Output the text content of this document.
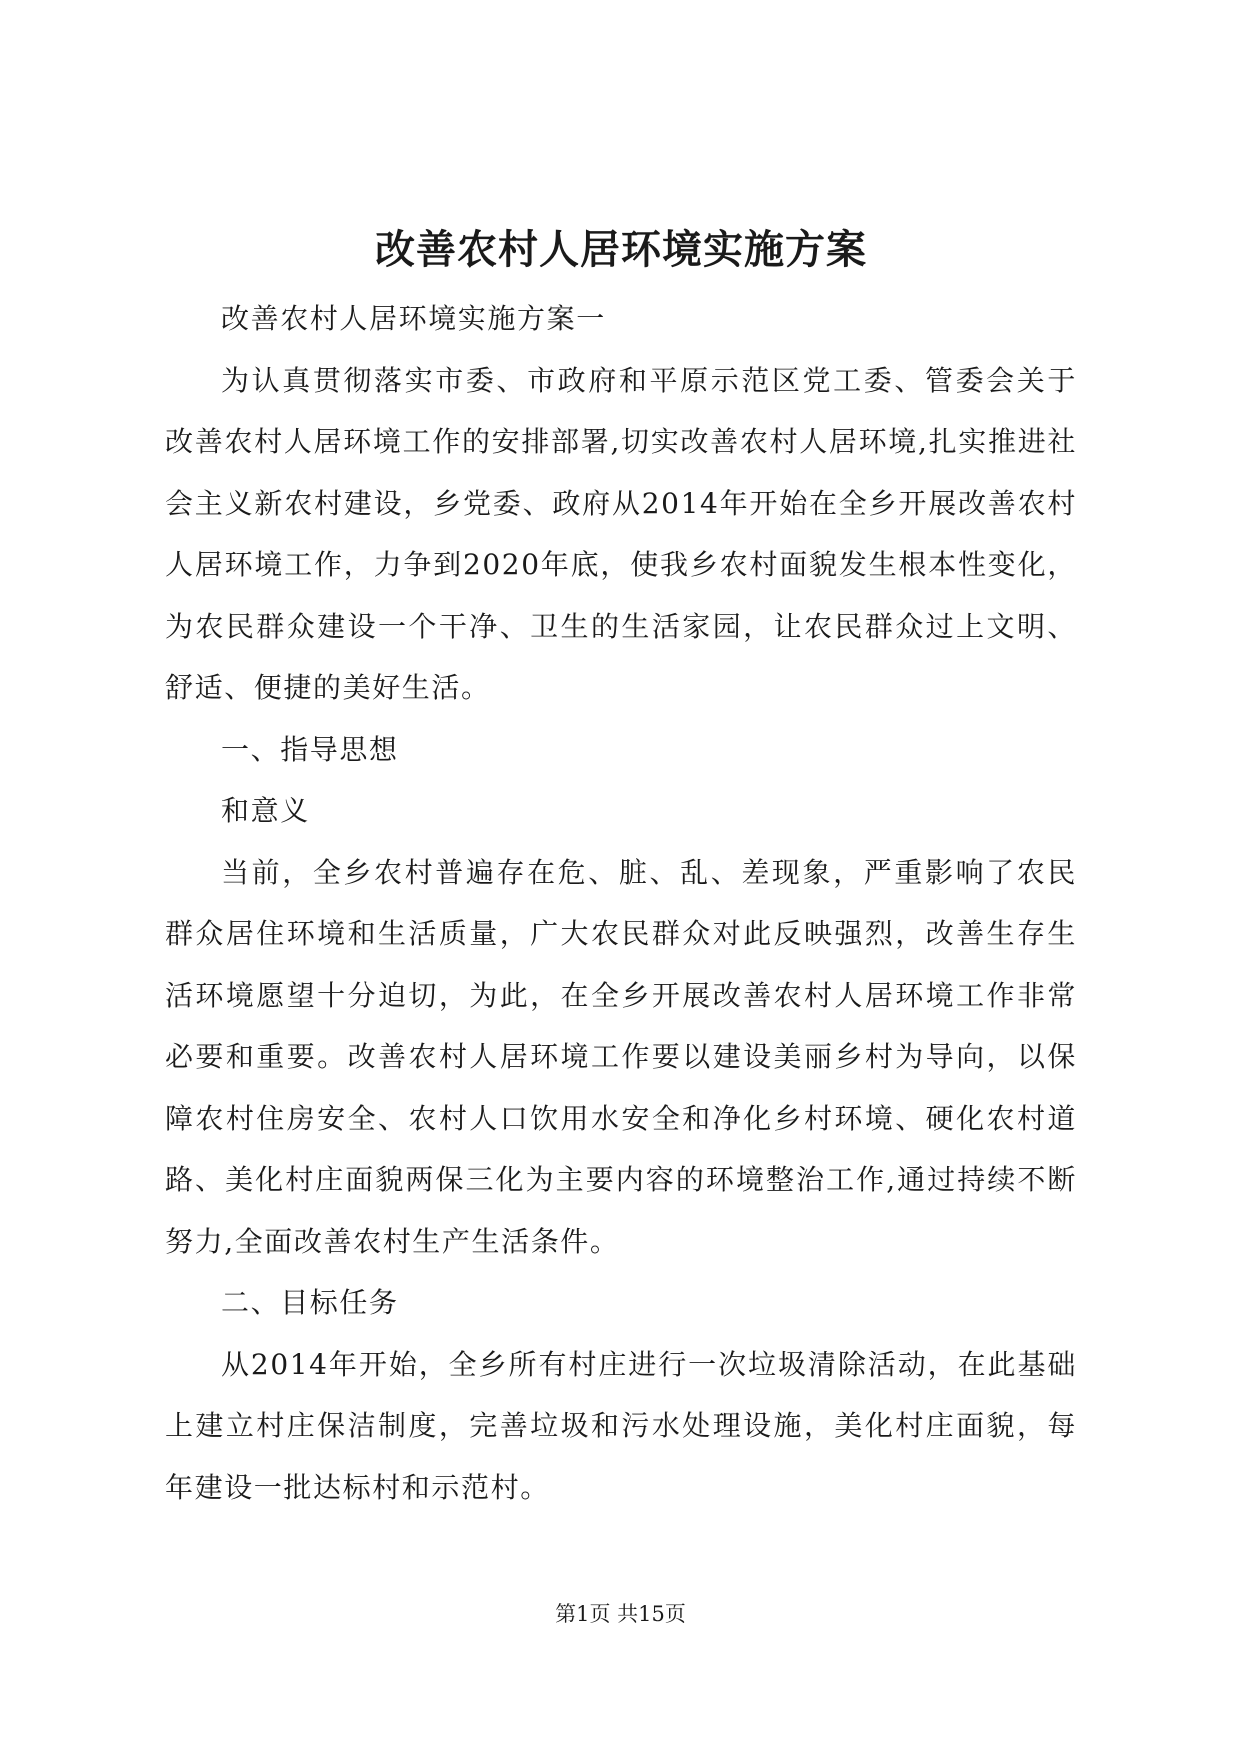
改善农村人居环境实施方案

改善农村人居环境实施方案一

为认真贯彻落实市委、市政府和平原示范区党工委、管委会关于改善农村人居环境工作的安排部署,切实改善农村人居环境,扎实推进社会主义新农村建设，乡党委、政府从2014年开始在全乡开展改善农村人居环境工作，力争到2020年底，使我乡农村面貌发生根本性变化，为农民群众建设一个干净、卫生的生活家园，让农民群众过上文明、舒适、便捷的美好生活。

一、指导思想

和意义

当前，全乡农村普遍存在危、脏、乱、差现象，严重影响了农民群众居住环境和生活质量，广大农民群众对此反映强烈，改善生存生活环境愿望十分迫切，为此，在全乡开展改善农村人居环境工作非常必要和重要。改善农村人居环境工作要以建设美丽乡村为导向，以保障农村住房安全、农村人口饮用水安全和净化乡村环境、硬化农村道路、美化村庄面貌两保三化为主要内容的环境整治工作,通过持续不断努力,全面改善农村生产生活条件。

二、目标任务

从2014年开始，全乡所有村庄进行一次垃圾清除活动，在此基础上建立村庄保洁制度，完善垃圾和污水处理设施，美化村庄面貌，每年建设一批达标村和示范村。

第1页 共15页
